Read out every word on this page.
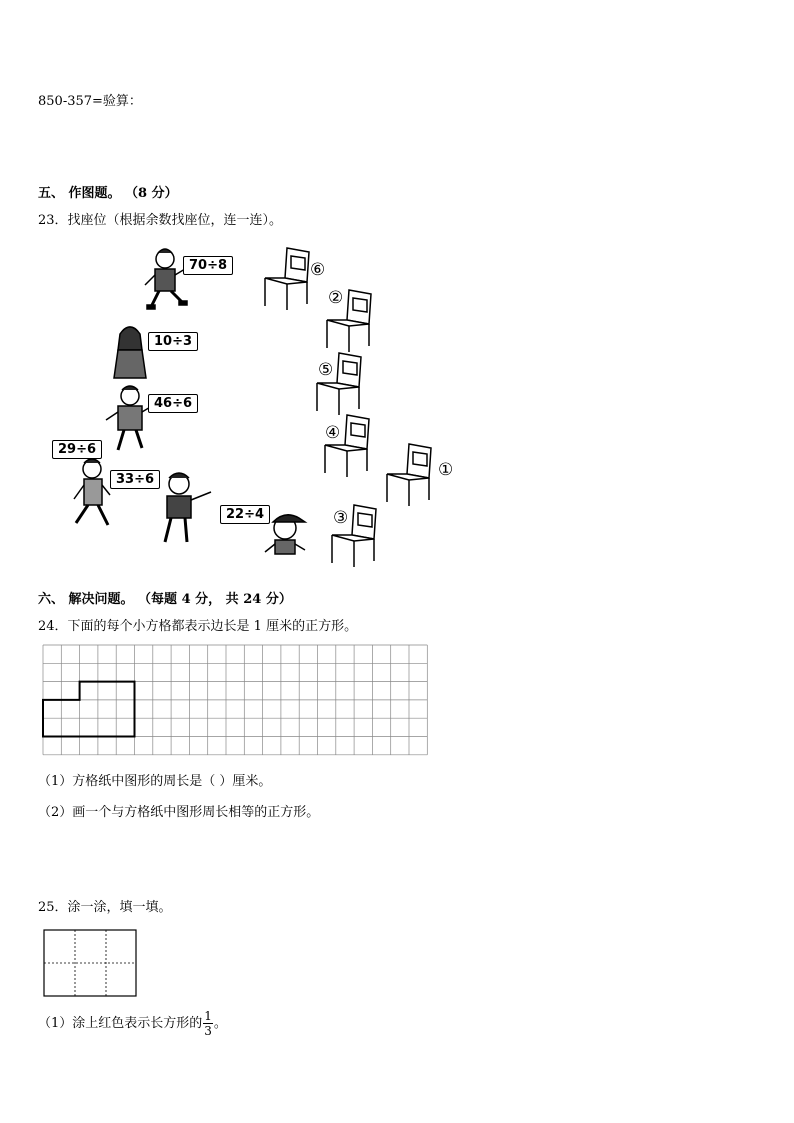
850-357=验算：
五、 作图题。 （8 分）
23．找座位（根据余数找座位，连一连）。
70÷8
10÷3
46÷6
29÷6
33÷6
22÷4
⑥
②
⑤
④
①
③
六、 解决问题。 （每题 4 分， 共 24 分）
24．下面的每个小方格都表示边长是 1 厘米的正方形。
（1）方格纸中图形的周长是（ ）厘米。
（2）画一个与方格纸中图形周长相等的正方形。
25．涂一涂，填一填。
（1）涂上红色表示长方形的 $\frac{1}{3}$ 。
